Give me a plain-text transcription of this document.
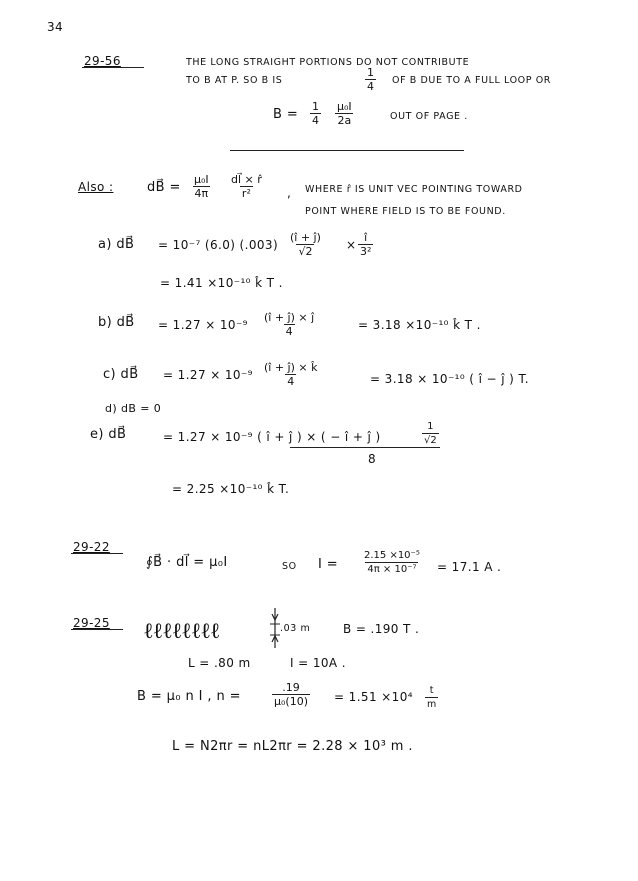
34
29-56	THE LONG STRAIGHT PORTIONS DO NOT CONTRIBUTE
TO B AT P. SO B IS	$\frac{1}{4}$ OF B DUE TO A FULL LOOP OR
$B = \frac{1}{4} \frac{\text{μ₀I}}{2a}$	OUT OF PAGE .
Also :	dB⃗ = $\frac{\text{μ₀I}}{4\pi} \frac{dl⃗ \times r̂}{\text{r²}}$ , WHERE r̂ IS UNIT VEC POINTING TOWARD
POINT WHERE FIELD IS TO BE FOUND.
a) dB⃗ = 10⁻⁷ (6.0) $(.003) \frac{(î + ĵ)}{√2} \times \frac{î}{\text{3²}}$
= 1.41 ×10⁻¹⁰ k̂ T .
b) dB⃗ = $1.27 \times 10^{-9} \frac{(î + ĵ) \times ĵ}{4}$	= 3.18 ×10⁻¹⁰ k̂ T .
c) dB⃗ = $1.27 \times 10^{-9} \frac{(î + ĵ) \times k̂}{4}$	= 3.18 × 10⁻¹⁰ ( î − ĵ ) T.
d) dB = 0
e) dB⃗	= 1.27 × 10⁻⁹ ( î + ĵ ) × ( − î + ĵ )	$\frac{1}{√2}$
8
= 2.25 ×10⁻¹⁰ k̂ T.
29-22
∮B⃗ · dl⃗ = μ₀I	SO $I = \frac{\text{2.15 ×10⁻⁵}}{\text{4π × 10⁻⁷}} = 17.1$ A .
29-25 ℓℓℓℓℓℓℓℓ	.03 m	B = .190 T .
L = .80 m	I = 10A .
B = μ₀ n I , n =	$\frac{.19}{\text{μ₀(10)}} = 1.51 \times 10^4 \frac{t}{m}$
L = N2πr = nL2πr = 2.28 × 10³ m .
